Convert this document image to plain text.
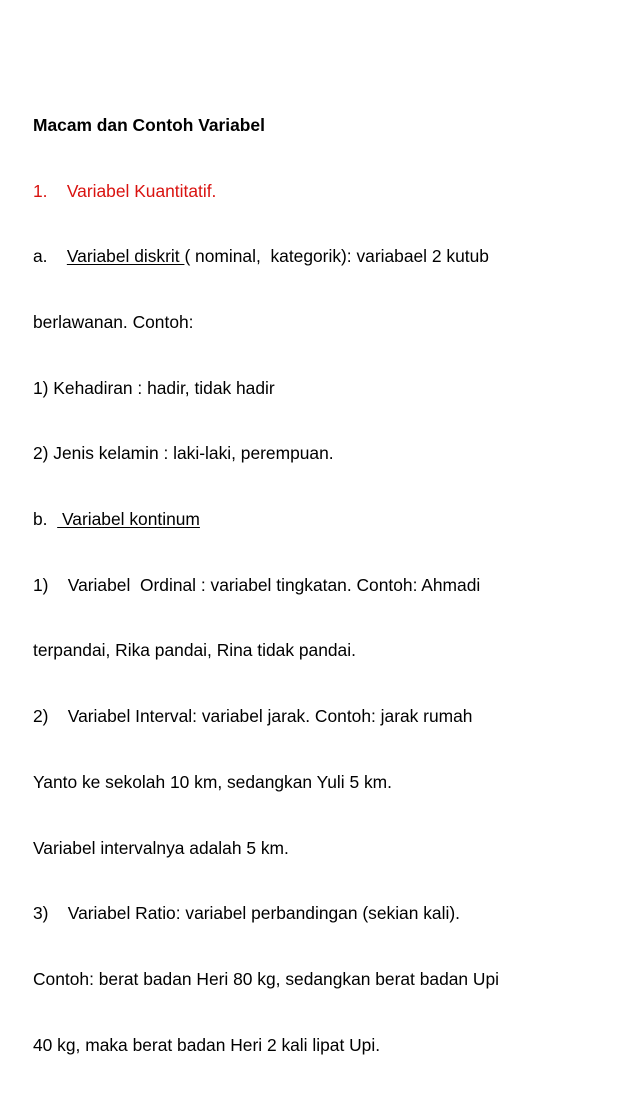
Macam dan Contoh Variabel

1.    Variabel Kuantitatif.

a.    Variabel diskrit ( nominal,  kategorik): variabael 2 kutub

berlawanan. Contoh:

1) Kehadiran : hadir, tidak hadir

2) Jenis kelamin : laki-laki, perempuan.

b.   Variabel kontinum

1)    Variabel  Ordinal : variabel tingkatan. Contoh: Ahmadi

terpandai, Rika pandai, Rina tidak pandai.

2)    Variabel Interval: variabel jarak. Contoh: jarak rumah

Yanto ke sekolah 10 km, sedangkan Yuli 5 km.

Variabel intervalnya adalah 5 km.

3)    Variabel Ratio: variabel perbandingan (sekian kali).

Contoh: berat badan Heri 80 kg, sedangkan berat badan Upi

40 kg, maka berat badan Heri 2 kali lipat Upi.
